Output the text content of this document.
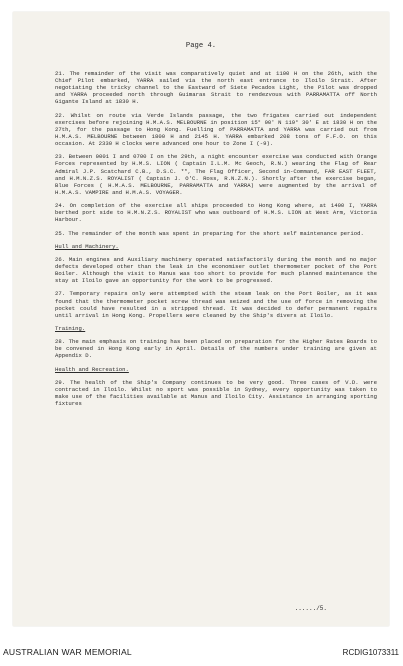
Page 4.

21. The remainder of the visit was comparatively quiet and at 1100 H on the 26th, with the Chief Pilot embarked, YARRA sailed via the north east entrance to Iloilo Strait. After negotiating the tricky channel to the Eastward of Siete Pecados Light, the Pilot was dropped and YARRA proceeded north through Guimaras Strait to rendezvous with PARRAMATTA off North Gigante Island at 1830 H.

22. Whilst on route via Verde Islands passage, the two frigates carried out independent exercises before rejoining H.M.A.S. MELBOURNE in position 15° 00' N 119° 30' E at 1830 H on the 27th, for the passage to Hong Kong. Fuelling of PARRAMATTA and YARRA was carried out from H.M.A.S. MELBOURNE between 1800 H and 2145 H. YARRA embarked 208 tons of F.F.O. on this occasion. At 2330 H clocks were advanced one hour to Zone I (-9).

23. Between 0001 I and 0700 I on the 29th, a night encounter exercise was conducted with Orange Forces represented by H.M.S. LION ( Captain I.L.M. Mc Geoch, R.N.) wearing the Flag of Rear Admiral J.P. Scatchard C.B., D.S.C. **, The Flag Officer, Second in-Command, FAR EAST FLEET, and H.M.N.Z.S. ROYALIST ( Captain J. O'C. Ross, R.N.Z.N.). Shortly after the exercise began, Blue Forces ( H.M.A.S. MELBOURNE, PARRAMATTA and YARRA) were augmented by the arrival of H.M.A.S. VAMPIRE and H.M.A.S. VOYAGER.

24. On completion of the exercise all ships proceeded to Hong Kong where, at 1400 I, YARRA berthed port side to H.M.N.Z.S. ROYALIST who was outboard of H.M.S. LION at West Arm, Victoria Harbour.

25. The remainder of the month was spent in preparing for the short self maintenance period.

Hull and Machinery.

26. Main engines and Auxiliary machinery operated satisfactorily during the month and no major defects developed other than the leak in the economiser outlet thermometer pocket of the Port Boiler. Although the visit to Manus was too short to provide for much planned maintenance the stay at Iloilo gave an opportunity for the work to be progressed.

27. Temporary repairs only were attempted with the steam leak on the Port Boiler, as it was found that the thermometer pocket screw thread was seized and the use of force in removing the pocket could have resulted in a stripped thread. It was decided to defer permanent repairs until arrival in Hong Kong. Propellers were cleaned by the Ship's divers at Iloilo.

Training.

28. The main emphasis on training has been placed on preparation for the Higher Rates Boards to be convened in Hong Kong early in April. Details of the numbers under training are given at Appendix D.

Health and Recreation.

29. The health of the Ship's Company continues to be very good. Three cases of V.D. were contracted in Iloilo. Whilst no sport was possible in Sydney, every opportunity was taken to make use of the facilities available at Manus and Iloilo City. Assistance in arranging sporting fixtures

....../5.
AUSTRALIAN WAR MEMORIAL	RCDIG1073311
